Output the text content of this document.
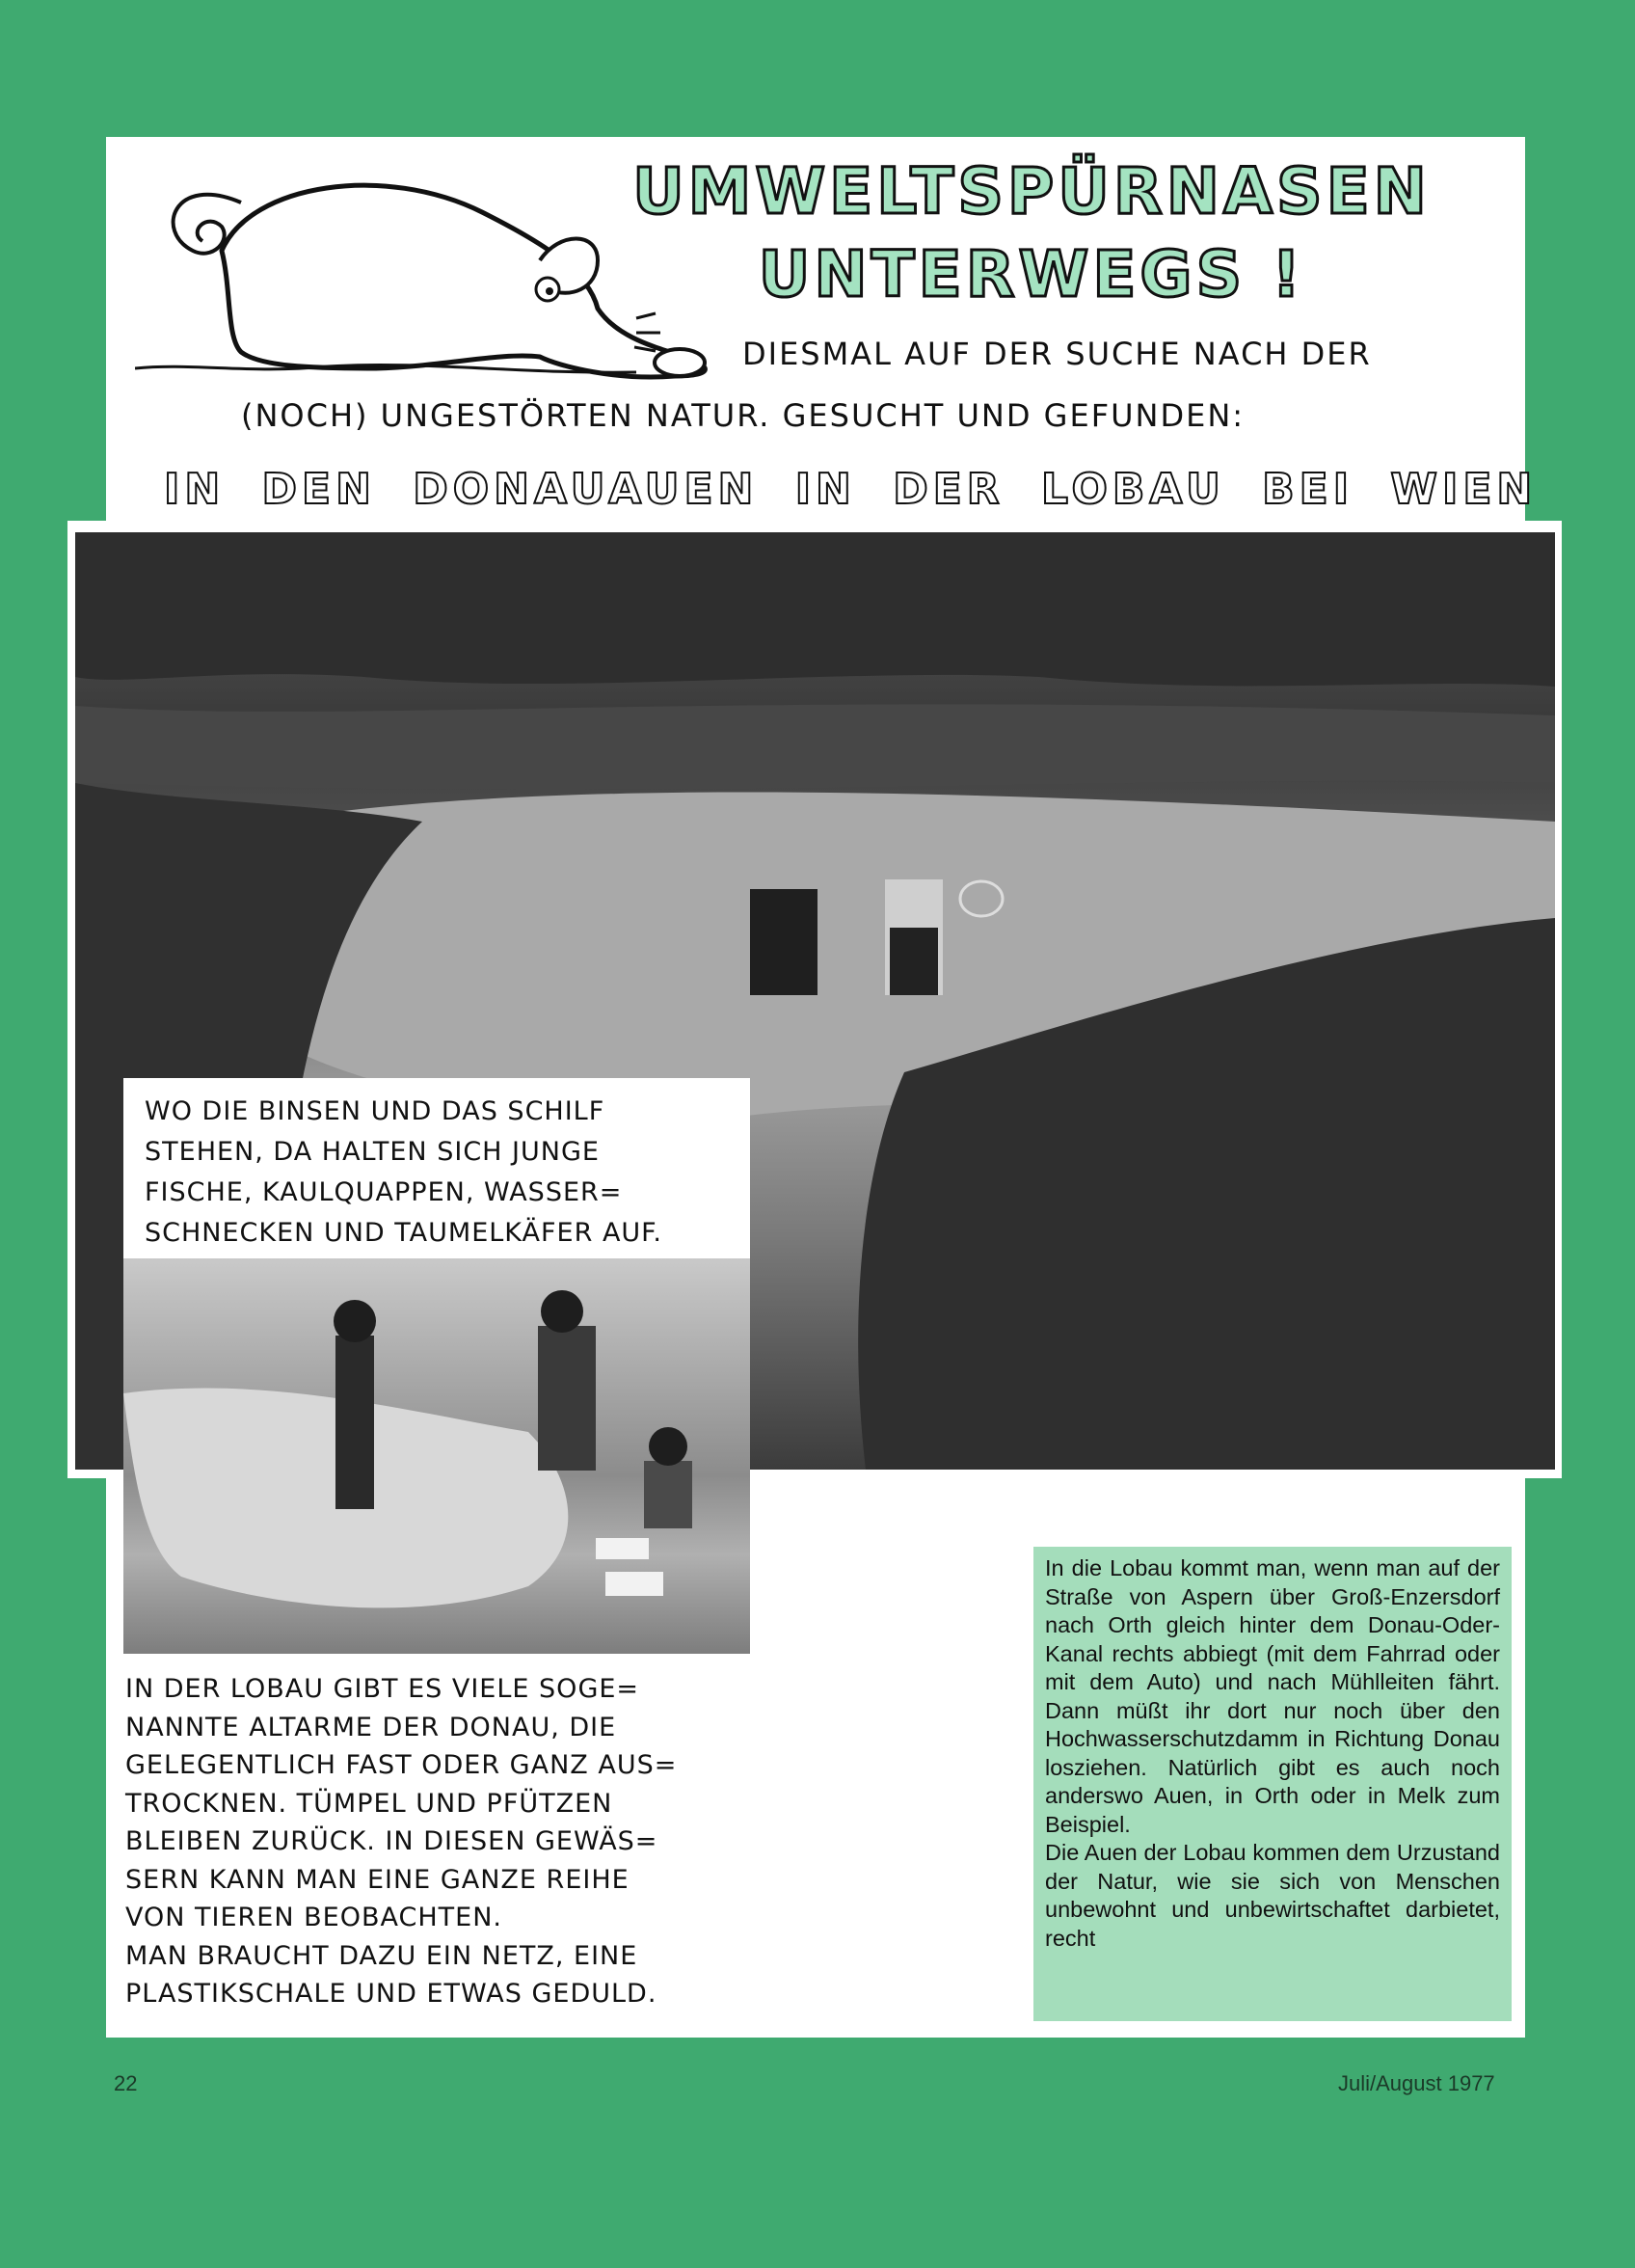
UMWELTSPÜRNASEN
UNTERWEGS !
DIESMAL AUF DER SUCHE NACH DER
(NOCH) UNGESTÖRTEN NATUR. GESUCHT UND GEFUNDEN:
IN DEN DONAUAUEN IN DER LOBAU BEI WIEN

WO DIE BINSEN UND DAS SCHILF
STEHEN, DA HALTEN SICH JUNGE
FISCHE, KAULQUAPPEN, WASSER=
SCHNECKEN UND TAUMELKÄFER AUF.

IN DER LOBAU GIBT ES VIELE SOGE=
NANNTE ALTARME DER DONAU, DIE
GELEGENTLICH FAST ODER GANZ AUS=
TROCKNEN. TÜMPEL UND PFÜTZEN
BLEIBEN ZURÜCK. IN DIESEN GEWÄS=
SERN KANN MAN EINE GANZE REIHE
VON TIEREN BEOBACHTEN.
MAN BRAUCHT DAZU EIN NETZ, EINE
PLASTIKSCHALE UND ETWAS GEDULD.

In die Lobau kommt man, wenn man auf der Straße von Aspern über Groß-Enzersdorf nach Orth gleich hinter dem Donau-Oder-Kanal rechts abbiegt (mit dem Fahrrad oder mit dem Auto) und nach Mühlleiten fährt. Dann müßt ihr dort nur noch über den Hochwasserschutzdamm in Richtung Donau losziehen. Natürlich gibt es auch noch anderswo Auen, in Orth oder in Melk zum Beispiel.
Die Auen der Lobau kommen dem Urzustand der Natur, wie sie sich von Menschen unbewohnt und unbewirtschaftet darbietet, recht

22	Juli/August 1977
